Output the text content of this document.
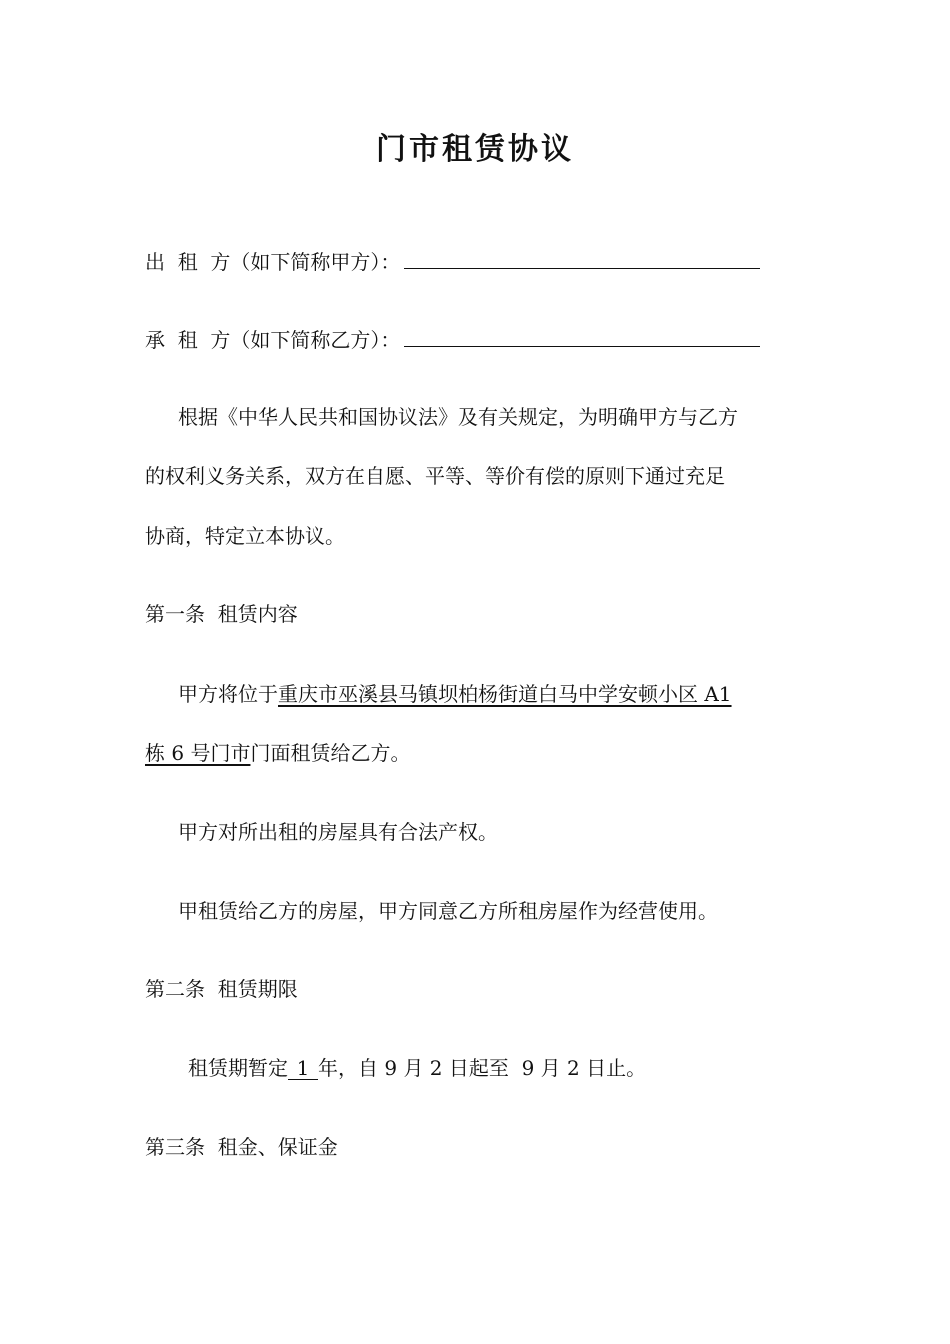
门市租赁协议
出  租  方（如下简称甲方）：
承  租  方（如下简称乙方）：
根据《中华人民共和国协议法》及有关规定，为明确甲方与乙方
的权利义务关系，双方在自愿、平等、等价有偿的原则下通过充足
协商，特定立本协议。
第一条  租赁内容
甲方将位于重庆市巫溪县马镇坝柏杨街道白马中学安顿小区 A1
栋 6 号门市门面租赁给乙方。
甲方对所出租的房屋具有合法产权。
甲租赁给乙方的房屋，甲方同意乙方所租房屋作为经营使用。
第二条  租赁期限
租赁期暂定 1 年，自 9 月 2 日起至  9 月 2 日止。
第三条  租金、保证金
